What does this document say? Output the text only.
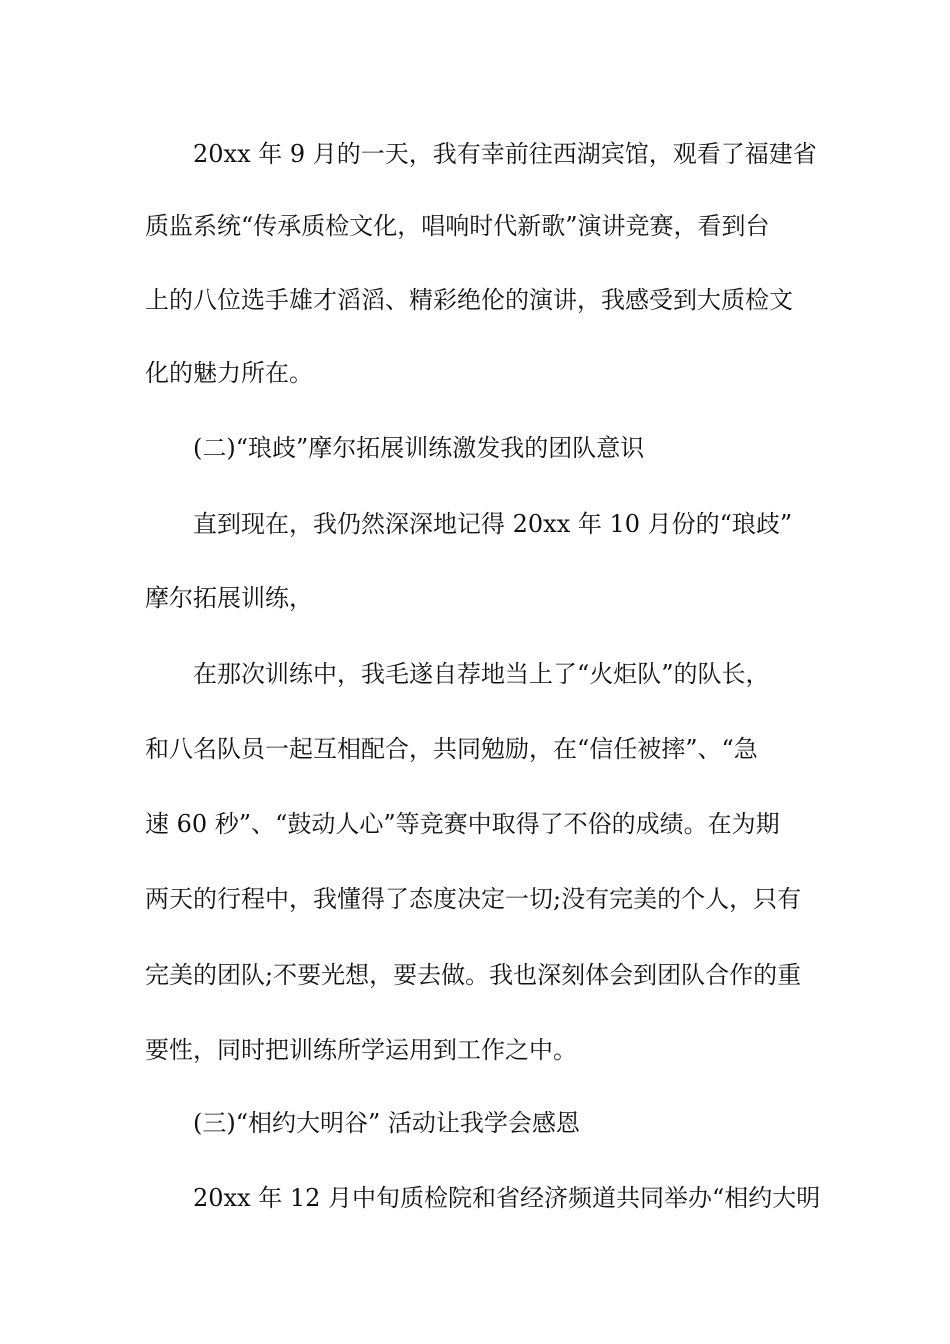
20xx 年 9 月的一天，我有幸前往西湖宾馆，观看了福建省
质监系统“传承质检文化，唱响时代新歌”演讲竞赛，看到台
上的八位选手雄才滔滔、精彩绝伦的演讲，我感受到大质检文
化的魅力所在。
(二)“琅歧”摩尔拓展训练激发我的团队意识
直到现在，我仍然深深地记得 20xx 年 10 月份的“琅歧”
摩尔拓展训练，
在那次训练中，我毛遂自荐地当上了“火炬队”的队长，
和八名队员一起互相配合，共同勉励，在“信任被摔”、“急
速 60 秒”、“鼓动人心”等竞赛中取得了不俗的成绩。在为期
两天的行程中，我懂得了态度决定一切;没有完美的个人，只有
完美的团队;不要光想，要去做。我也深刻体会到团队合作的重
要性，同时把训练所学运用到工作之中。
(三)“相约大明谷” 活动让我学会感恩
20xx 年 12 月中旬质检院和省经济频道共同举办“相约大明
